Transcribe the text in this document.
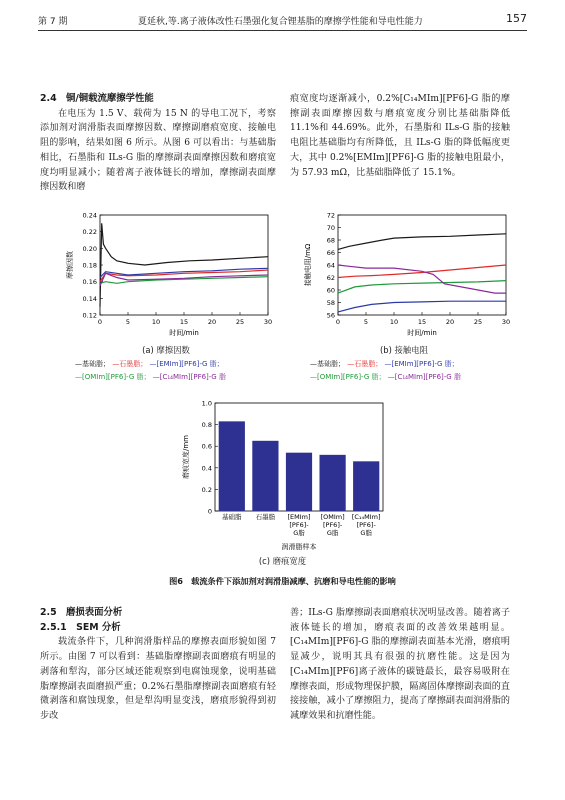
第 7 期	夏延秋,等.离子液体改性石墨强化复合锂基脂的摩擦学性能和导电性能力	157

2.4　铜/铜载流摩擦学性能

在电压为 1.5 V、载荷为 15 N 的导电工况下，考察添加剂对润滑脂表面摩擦因数、摩擦副磨痕宽度、接触电阻的影响，结果如图 6 所示。从图 6 可以看出：与基础脂相比，石墨脂和 ILs-G 脂的摩擦副表面摩擦因数和磨痕宽度均明显减小；随着离子液体链长的增加，摩擦副表面摩擦因数和磨

痕宽度均逐渐减小，0.2%[C₁₄MIm][PF6]-G 脂的摩擦副表面摩擦因数与磨痕宽度分别比基础脂降低 11.1%和 44.69%。此外，石墨脂和 ILs-G 脂的接触电阻比基础脂均有所降低，且 ILs-G 脂的降低幅度更大，其中 0.2%[EMIm][PF6]-G 脂的接触电阻最小，为 57.93 mΩ，比基础脂降低了 15.1%。

0.12
0.14
0.16
0.18
0.20
0.22
0.24
0	5	10	15	20	25	30
时间/min
摩擦因数
(a) 摩擦因数
56
58
60
62
64
66
68
70
72
0	5	10	15	20	25	30
时间/min
接触电阻/mΩ
(b) 接触电阻
—基础脂； —石墨脂； —[EMIm][PF6]-G 脂；
—[OMIm][PF6]-G 脂； —[C₁₄MIm][PF6]-G 脂
—基础脂； —石墨脂； —[EMIm][PF6]-G 脂；
—[OMIm][PF6]-G 脂； —[C₁₄MIm][PF6]-G 脂
0
0.2
0.4
0.6
0.8
1.0
磨痕宽度/mm
基础脂 石墨脂 [EMIm]
[PF6]-
G脂
[OMIm]
[PF6]-
G脂
[C₁₄MIm]
[PF6]-
G脂
润滑脂样本
(c) 磨痕宽度
图6　载流条件下添加剂对润滑脂减摩、抗磨和导电性能的影响

2.5　磨损表面分析

2.5.1　SEM 分析

载流条件下，几种润滑脂样品的摩擦表面形貌如图 7 所示。由图 7 可以看到：基础脂摩擦副表面磨痕有明显的剥落和犁沟，部分区域还能观察到电腐蚀现象，说明基础脂摩擦副表面磨损严重；0.2%石墨脂摩擦副表面磨痕有轻微剥落和腐蚀现象，但是犁沟明显变浅，磨痕形貌得到初步改

善；ILs-G 脂摩擦副表面磨痕状况明显改善。随着离子液体链长的增加，磨痕表面的改善效果越明显。[C₁₄MIm][PF6]-G 脂的摩擦副表面基本光滑，磨痕明显减少，说明其具有很强的抗磨性能。这是因为[C₁₄MIm][PF6]离子液体的碳链最长，最容易吸附在摩擦表面，形成物理保护膜，隔离固体摩擦副表面的直接接触，减小了摩擦阻力，提高了摩擦副表面润滑脂的减摩效果和抗磨性能。
